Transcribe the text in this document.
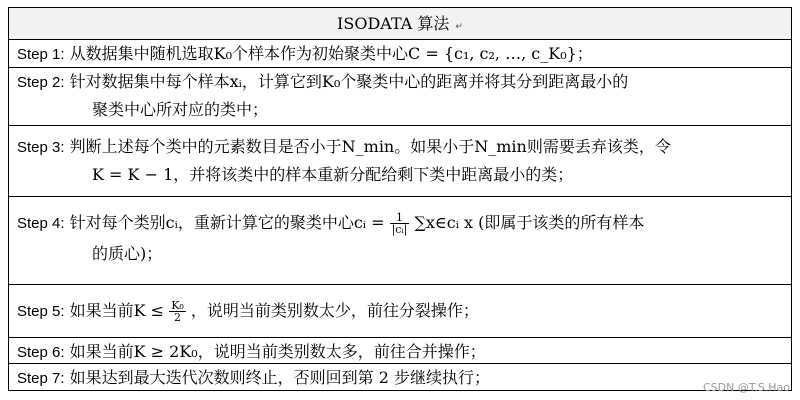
ISODATA 算法 ↵
Step 1: 从数据集中随机选取K₀个样本作为初始聚类中心C = {c₁, c₂, …, c_K₀}；
Step 2: 针对数据集中每个样本xᵢ，计算它到K₀个聚类中心的距离并将其分到距离最小的
聚类中心所对应的类中；
Step 3: 判断上述每个类中的元素数目是否小于N_min。如果小于N_min则需要丢弃该类，令
K = K − 1，并将该类中的样本重新分配给剩下类中距离最小的类；
Step 4: 针对每个类别cᵢ，重新计算它的聚类中心cᵢ = $\frac{1}{\text{|cᵢ|}}$ ∑x∈cᵢ x (即属于该类的所有样本
的质心)；
Step 5: 如果当前$K \le \frac{\text{K₀}}{2}$ ，说明当前类别数太少，前往分裂操作；
Step 6: 如果当前K ≥ 2K₀，说明当前类别数太多，前往合并操作；
Step 7: 如果达到最大迭代次数则终止，否则回到第 2 步继续执行；
CSDN @T.S.Hao
